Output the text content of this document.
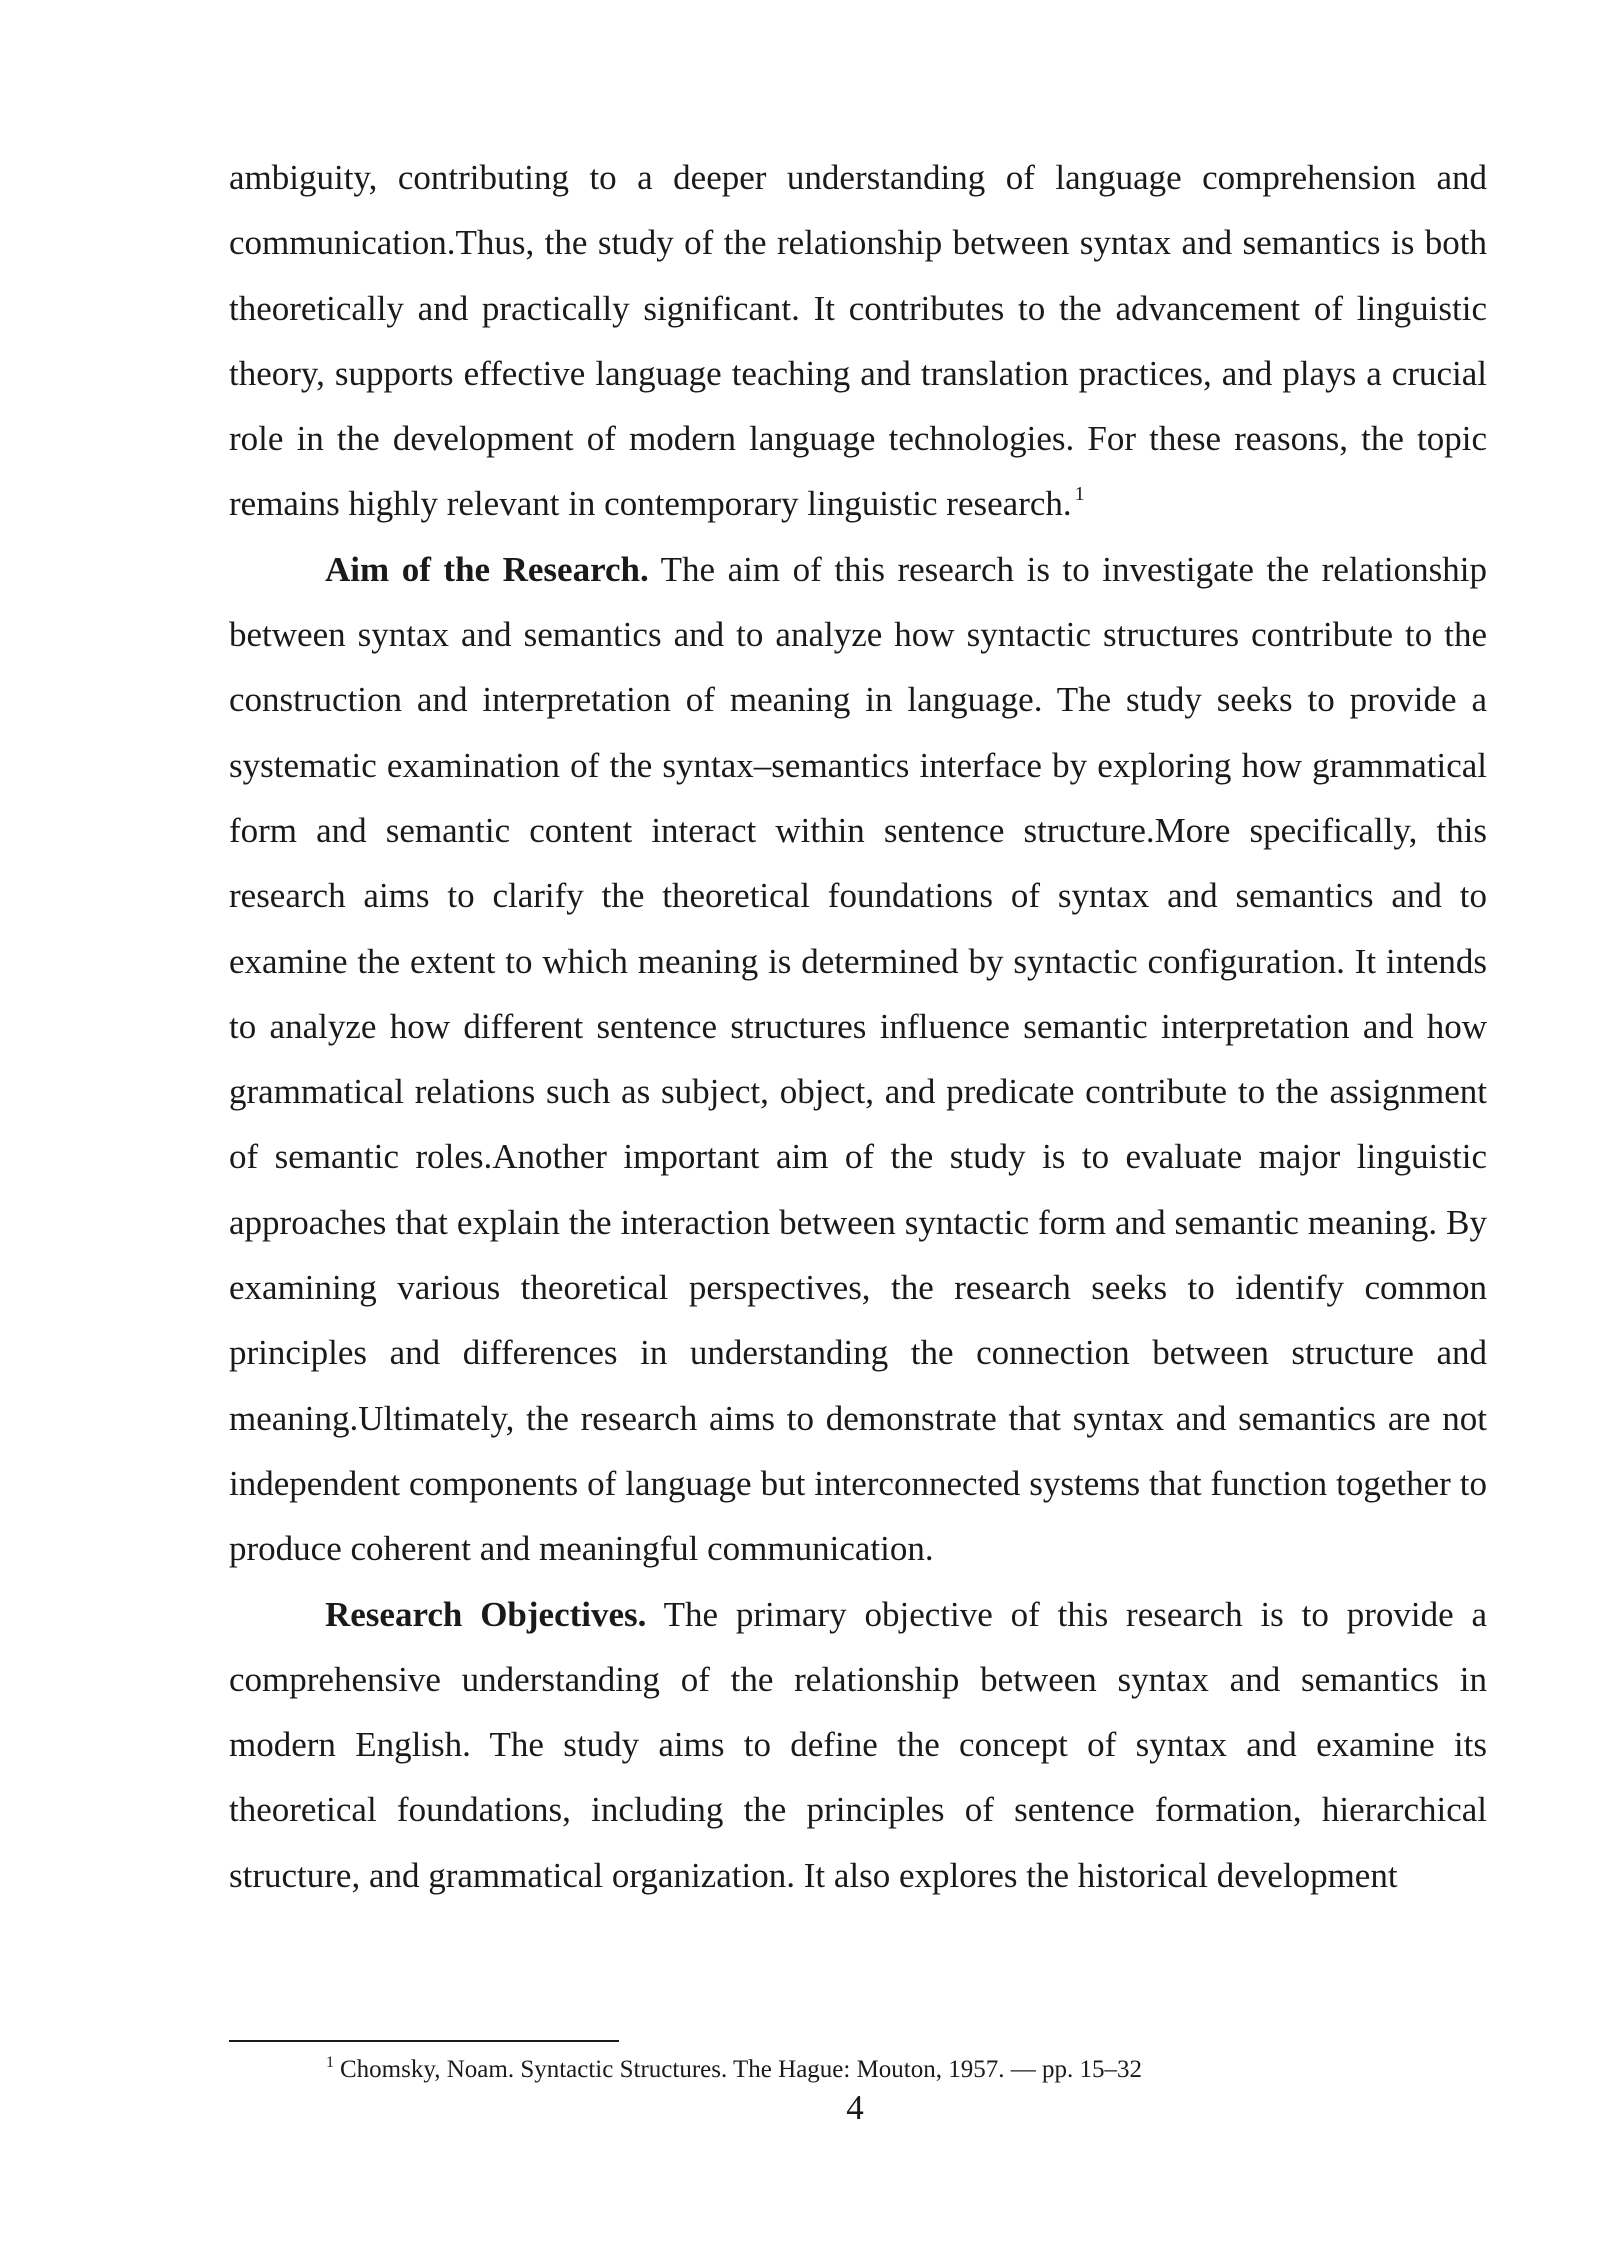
ambiguity, contributing to a deeper understanding of language comprehension and communication.Thus, the study of the relationship between syntax and semantics is both theoretically and practically significant. It contributes to the advancement of linguistic theory, supports effective language teaching and translation practices, and plays a crucial role in the development of modern language technologies. For these reasons, the topic remains highly relevant in contemporary linguistic research. $^1$

Aim of the Research. The aim of this research is to investigate the relationship between syntax and semantics and to analyze how syntactic structures contribute to the construction and interpretation of meaning in language. The study seeks to provide a systematic examination of the syntax–semantics interface by exploring how grammatical form and semantic content interact within sentence structure.More specifically, this research aims to clarify the theoretical foundations of syntax and semantics and to examine the extent to which meaning is determined by syntactic configuration. It intends to analyze how different sentence structures influence semantic interpretation and how grammatical relations such as subject, object, and predicate contribute to the assignment of semantic roles.Another important aim of the study is to evaluate major linguistic approaches that explain the interaction between syntactic form and semantic meaning. By examining various theoretical perspectives, the research seeks to identify common principles and differences in understanding the connection between structure and meaning.Ultimately, the research aims to demonstrate that syntax and semantics are not independent components of language but interconnected systems that function together to produce coherent and meaningful communication.

Research Objectives. The primary objective of this research is to provide a comprehensive understanding of the relationship between syntax and semantics in modern English. The study aims to define the concept of syntax and examine its theoretical foundations, including the principles of sentence formation, hierarchical structure, and grammatical organization. It also explores the historical development

$^1$ Chomsky, Noam. Syntactic Structures. The Hague: Mouton, 1957. — pp. 15–32
4
